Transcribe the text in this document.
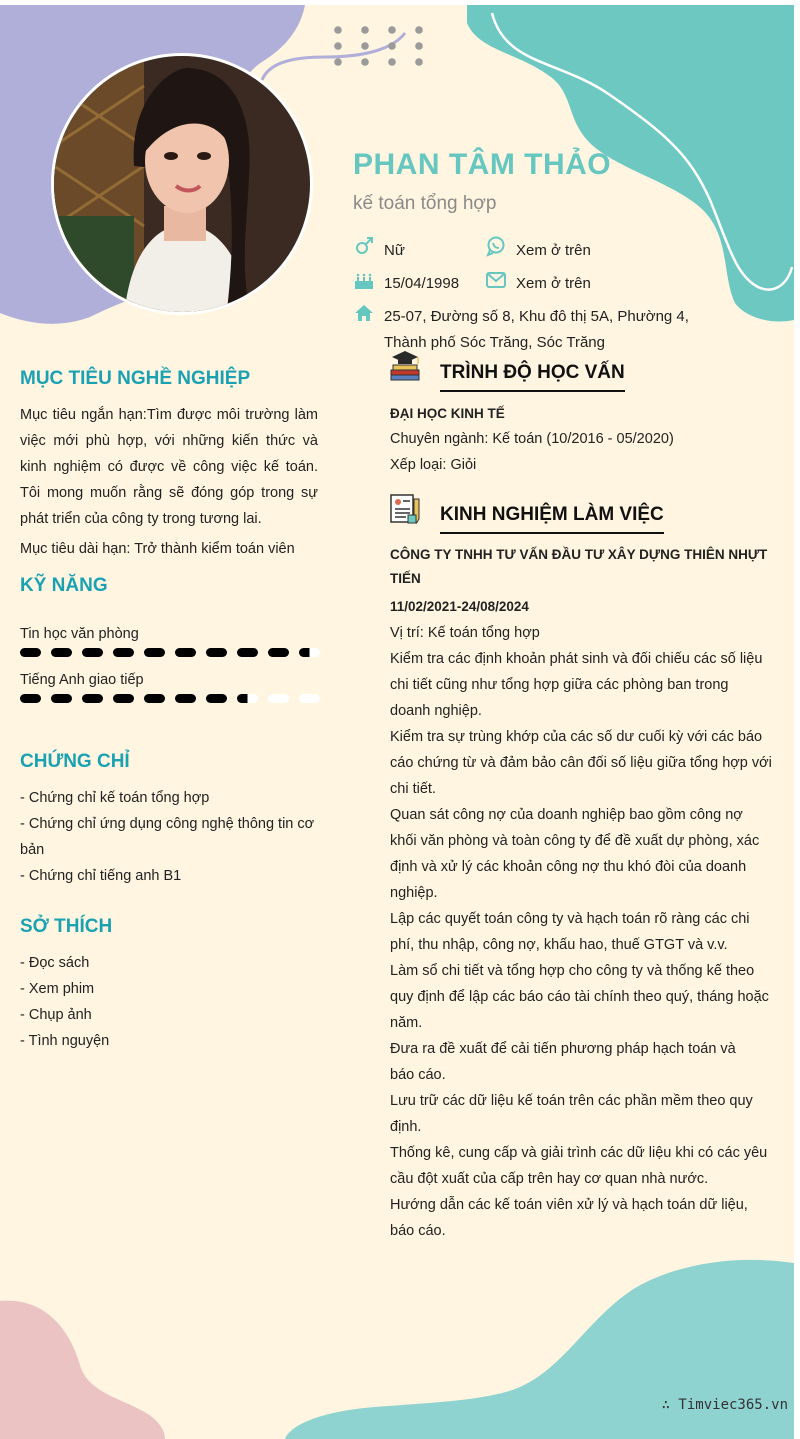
PHAN TÂM THẢO
kế toán tổng hợp
Nữ	Xem ở trên
15/04/1998	Xem ở trên
25-07, Đường số 8, Khu đô thị 5A, Phường 4,
Thành phố Sóc Trăng, Sóc Trăng
MỤC TIÊU NGHỀ NGHIỆP
Mục tiêu ngắn hạn:Tìm được môi trường làm việc mới phù hợp, với những kiến thức và kinh nghiệm có được về công việc kế toán. Tôi mong muốn rằng sẽ đóng góp trong sự phát triển của công ty trong tương lai.
Mục tiêu dài hạn: Trở thành kiểm toán viên
KỸ NĂNG
Tin học văn phòng
Tiếng Anh giao tiếp
CHỨNG CHỈ
- Chứng chỉ kế toán tổng hợp
- Chứng chỉ ứng dụng công nghệ thông tin cơ bản
- Chứng chỉ tiếng anh B1
SỞ THÍCH
- Đọc sách
- Xem phim
- Chụp ảnh
- Tình nguyện
TRÌNH ĐỘ HỌC VẤN
ĐẠI HỌC KINH TẾ
Chuyên ngành: Kế toán (10/2016 - 05/2020)
Xếp loại: Giỏi
KINH NGHIỆM LÀM VIỆC
CÔNG TY TNHH TƯ VẤN ĐẦU TƯ XÂY DỰNG THIÊN NHỰT TIẾN
11/02/2021-24/08/2024
Vị trí: Kế toán tổng hợp
Kiểm tra các định khoản phát sinh và đối chiếu các số liệu chi tiết cũng như tổng hợp giữa các phòng ban trong doanh nghiệp.
Kiểm tra sự trùng khớp của các số dư cuối kỳ với các báo cáo chứng từ và đảm bảo cân đối số liệu giữa tổng hợp với chi tiết.
Quan sát công nợ của doanh nghiệp bao gồm công nợ khối văn phòng và toàn công ty để đề xuất dự phòng, xác định và xử lý các khoản công nợ thu khó đòi của doanh nghiệp.
Lập các quyết toán công ty và hạch toán rõ ràng các chi phí, thu nhập, công nợ, khấu hao, thuế GTGT và v.v.
Làm sổ chi tiết và tổng hợp cho công ty và thống kế theo quy định để lập các báo cáo tài chính theo quý, tháng hoặc năm.
Đưa ra đề xuất để cải tiến phương pháp hạch toán và báo cáo.
Lưu trữ các dữ liệu kế toán trên các phần mềm theo quy định.
Thống kê, cung cấp và giải trình các dữ liệu khi có các yêu cầu đột xuất của cấp trên hay cơ quan nhà nước.
Hướng dẫn các kế toán viên xử lý và hạch toán dữ liệu, báo cáo.
∴ Timviec365.vn
